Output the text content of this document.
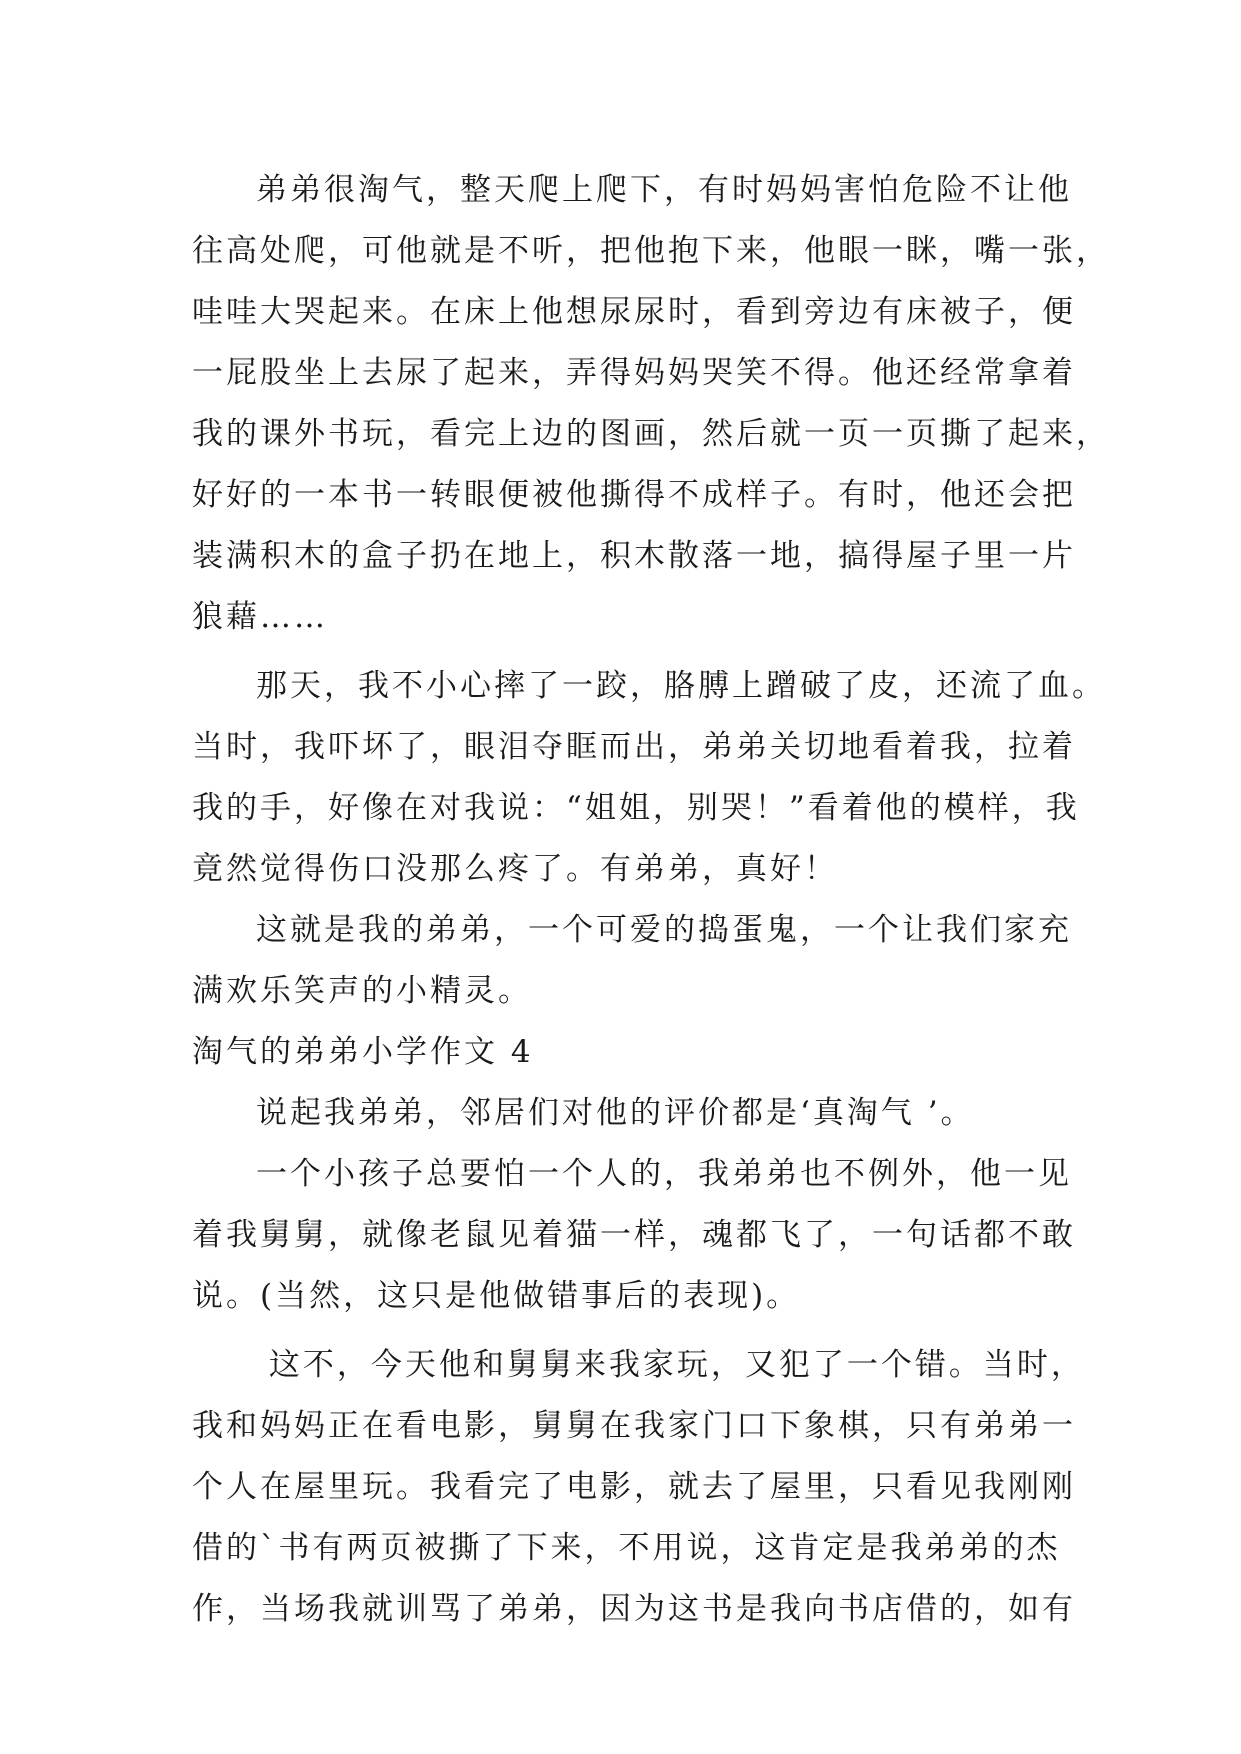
弟弟很淘气，整天爬上爬下，有时妈妈害怕危险不让他
往高处爬，可他就是不听，把他抱下来，他眼一眯，嘴一张，
哇哇大哭起来。在床上他想尿尿时，看到旁边有床被子，便
一屁股坐上去尿了起来，弄得妈妈哭笑不得。他还经常拿着
我的课外书玩，看完上边的图画，然后就一页一页撕了起来，
好好的一本书一转眼便被他撕得不成样子。有时，他还会把
装满积木的盒子扔在地上，积木散落一地，搞得屋子里一片
狼藉……
那天，我不小心摔了一跤，胳膊上蹭破了皮，还流了血。
当时，我吓坏了，眼泪夺眶而出，弟弟关切地看着我，拉着
我的手，好像在对我说：“姐姐，别哭！”看着他的模样，我
竟然觉得伤口没那么疼了。有弟弟，真好！
这就是我的弟弟，一个可爱的捣蛋鬼，一个让我们家充
满欢乐笑声的小精灵。
淘气的弟弟小学作文 4
说起我弟弟，邻居们对他的评价都是‘真淘气 ’。
一个小孩子总要怕一个人的，我弟弟也不例外，他一见
着我舅舅，就像老鼠见着猫一样，魂都飞了，一句话都不敢
说。(当然，这只是他做错事后的表现)。
这不，今天他和舅舅来我家玩，又犯了一个错。当时，
我和妈妈正在看电影，舅舅在我家门口下象棋，只有弟弟一
个人在屋里玩。我看完了电影，就去了屋里，只看见我刚刚
借的`书有两页被撕了下来，不用说，这肯定是我弟弟的杰
作，当场我就训骂了弟弟，因为这书是我向书店借的，如有
